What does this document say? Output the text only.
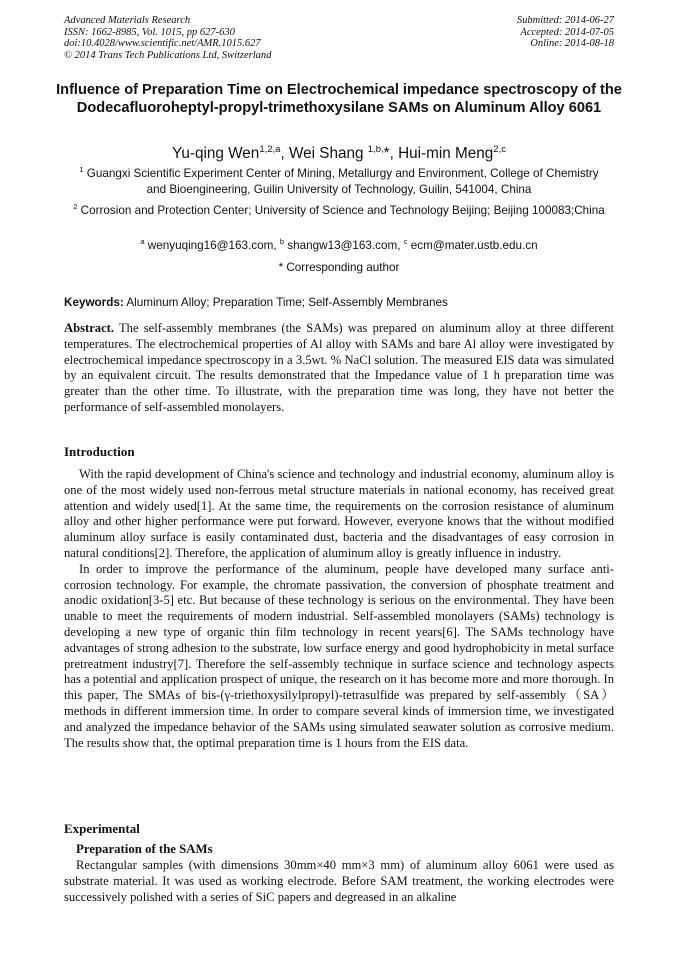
Advanced Materials Research
ISSN: 1662-8985, Vol. 1015, pp 627-630
doi:10.4028/www.scientific.net/AMR.1015.627
© 2014 Trans Tech Publications Ltd, Switzerland
Submitted: 2014-06-27
Accepted: 2014-07-05
Online: 2014-08-18
Influence of Preparation Time on Electrochemical impedance spectroscopy of the Dodecafluoroheptyl-propyl-trimethoxysilane SAMs on Aluminum Alloy 6061
Yu-qing Wen$^{1,2,a}$, Wei Shang $^{1,b,}$*, Hui-min Meng$^{2,c}$
$^1$ Guangxi Scientific Experiment Center of Mining, Metallurgy and Environment, College of Chemistry and Bioengineering, Guilin University of Technology, Guilin, 541004, China
$^2$ Corrosion and Protection Center; University of Science and Technology Beijing; Beijing 100083;China
$^a$ wenyuqing16@163.com, $^b$ shangw13@163.com, $^c$ ecm@mater.ustb.edu.cn
* Corresponding author
Keywords: Aluminum Alloy; Preparation Time; Self-Assembly Membranes

Abstract. The self-assembly membranes (the SAMs) was prepared on aluminum alloy at three different temperatures. The electrochemical properties of Al alloy with SAMs and bare Al alloy were investigated by electrochemical impedance spectroscopy in a 3.5wt. % NaCl solution. The measured EIS data was simulated by an equivalent circuit. The results demonstrated that the Impedance value of 1 h preparation time was greater than the other time. To illustrate, with the preparation time was long, they have not better the performance of self-assembled monolayers.

Introduction

With the rapid development of China's science and technology and industrial economy, aluminum alloy is one of the most widely used non-ferrous metal structure materials in national economy, has received great attention and widely used[1]. At the same time, the requirements on the corrosion resistance of aluminum alloy and other higher performance were put forward. However, everyone knows that the without modified aluminum alloy surface is easily contaminated dust, bacteria and the disadvantages of easy corrosion in natural conditions[2]. Therefore, the application of aluminum alloy is greatly influence in industry.

In order to improve the performance of the aluminum, people have developed many surface anti-corrosion technology. For example, the chromate passivation, the conversion of phosphate treatment and anodic oxidation[3-5] etc. But because of these technology is serious on the environmental. They have been unable to meet the requirements of modern industrial. Self-assembled monolayers (SAMs) technology is developing a new type of organic thin film technology in recent years[6]. The SAMs technology have advantages of strong adhesion to the substrate, low surface energy and good hydrophobicity in metal surface pretreatment industry[7]. Therefore the self-assembly technique in surface science and technology aspects has a potential and application prospect of unique, the research on it has become more and more thorough. In this paper, The SMAs of bis-(γ-triethoxysilylpropyl)-tetrasulfide was prepared by self-assembly（SA） methods in different immersion time. In order to compare several kinds of immersion time, we investigated and analyzed the impedance behavior of the SAMs using simulated seawater solution as corrosive medium. The results show that, the optimal preparation time is 1 hours from the EIS data.

Experimental
Preparation of the SAMs

Rectangular samples (with dimensions 30mm×40 mm×3 mm) of aluminum alloy 6061 were used as substrate material. It was used as working electrode. Before SAM treatment, the working electrodes were successively polished with a series of SiC papers and degreased in an alkaline
